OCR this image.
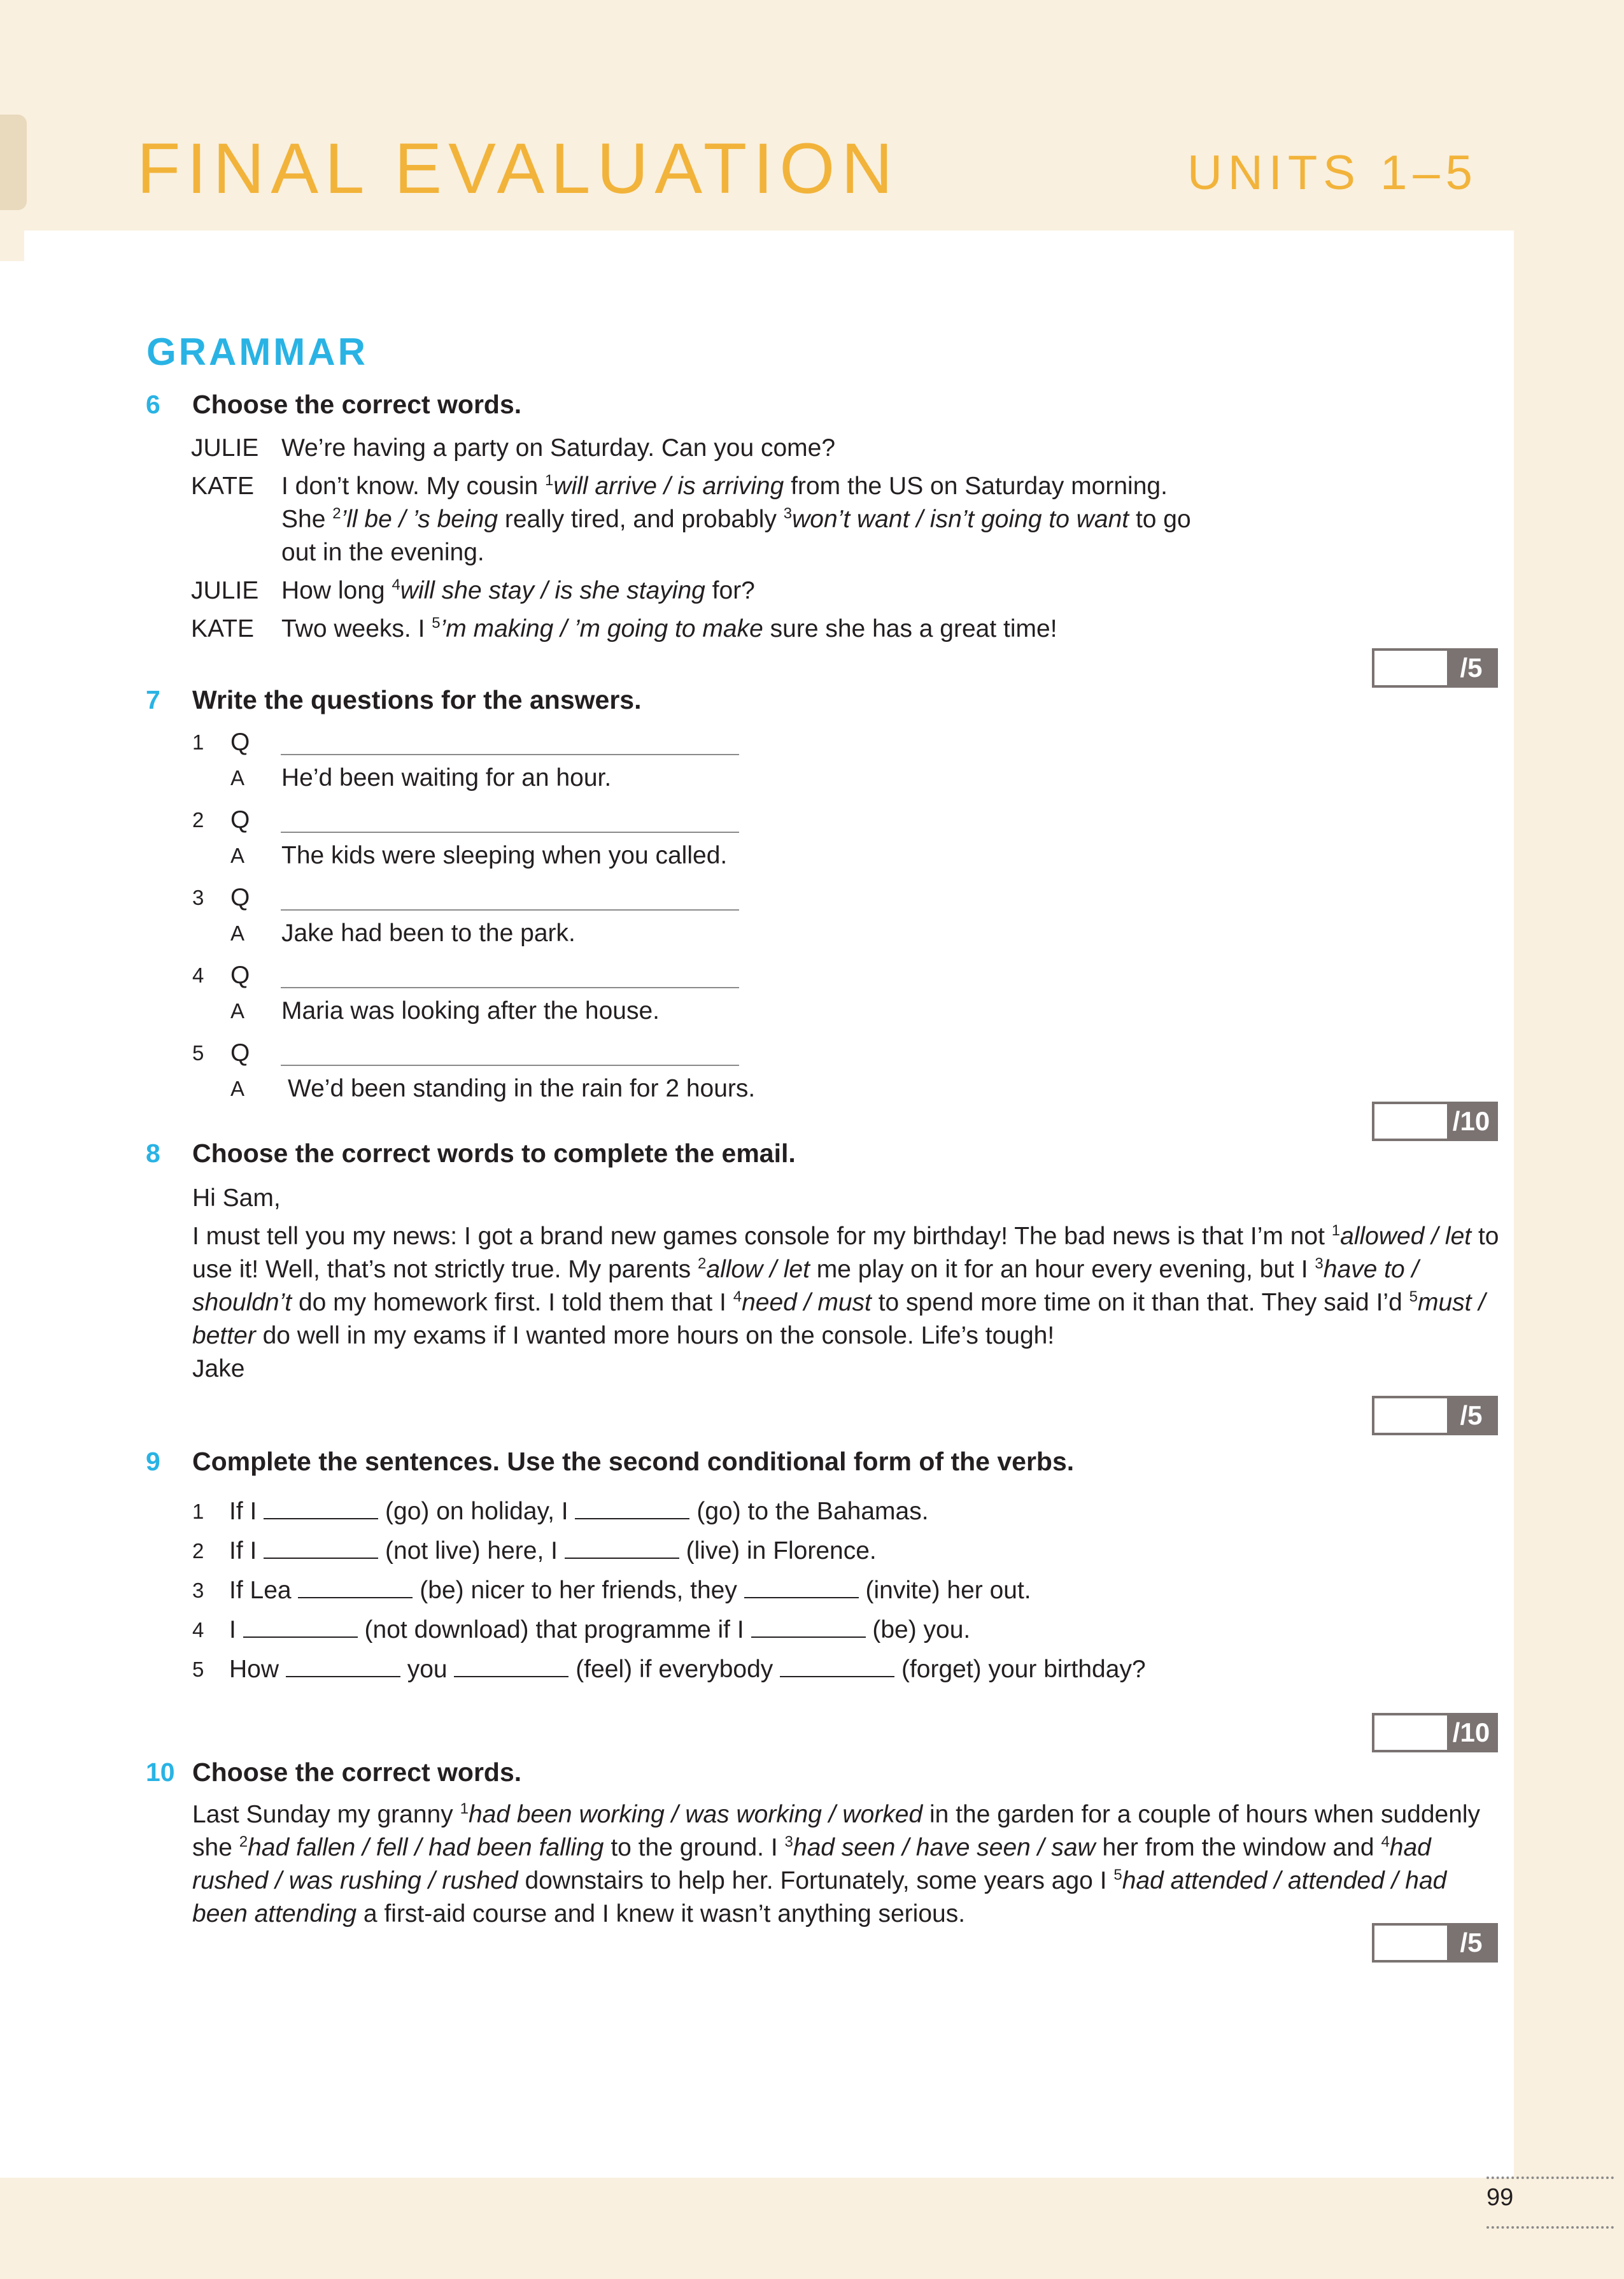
FINAL EVALUATION	UNITS 1–5
GRAMMAR
6 Choose the correct words.
JULIE We’re having a party on Saturday. Can you come?
KATE I don’t know. My cousin $^1$will arrive / is arriving from the US on Saturday morning.
She $^2$’ll be / ’s being really tired, and probably $^3$won’t want / isn’t going to want to go
out in the evening.
JULIE How long $^4$will she stay / is she staying for?
KATE Two weeks. I $^5$’m making / ’m going to make sure she has a great time!
/5
7 Write the questions for the answers.
1 Q
A He’d been waiting for an hour.
2 Q
A The kids were sleeping when you called.
3 Q
A Jake had been to the park.
4 Q
A Maria was looking after the house.
5 Q
A We’d been standing in the rain for 2 hours.
/10
8 Choose the correct words to complete the email.
Hi Sam,
I must tell you my news: I got a brand new games console for my birthday! The bad news is that I’m not $^1$allowed / let to use it! Well, that’s not strictly true. My parents $^2$allow / let me play on it for an hour every evening, but I $^3$have to / shouldn’t do my homework first. I told them that I $^4$need / must to spend more time on it than that. They said I’d $^5$must / better do well in my exams if I wanted more hours on the console. Life’s tough!
Jake
/5
9 Complete the sentences. Use the second conditional form of the verbs.
1 If I	(go) on holiday, I	(go) to the Bahamas.
2 If I	(not live) here, I	(live) in Florence.
3 If Lea	(be) nicer to her friends, they	(invite) her out.
4 I	(not download) that programme if I	(be) you.
5 How	you	(feel) if everybody	(forget) your birthday?
/10
10 Choose the correct words.
Last Sunday my granny $^1$had been working / was working / worked in the garden for a couple of hours when suddenly she $^2$had fallen / fell / had been falling to the ground. I $^3$had seen / have seen / saw her from the window and $^4$had rushed / was rushing / rushed downstairs to help her. Fortunately, some years ago I $^5$had attended / attended / had been attending a first-aid course and I knew it wasn’t anything serious.
/5
99
